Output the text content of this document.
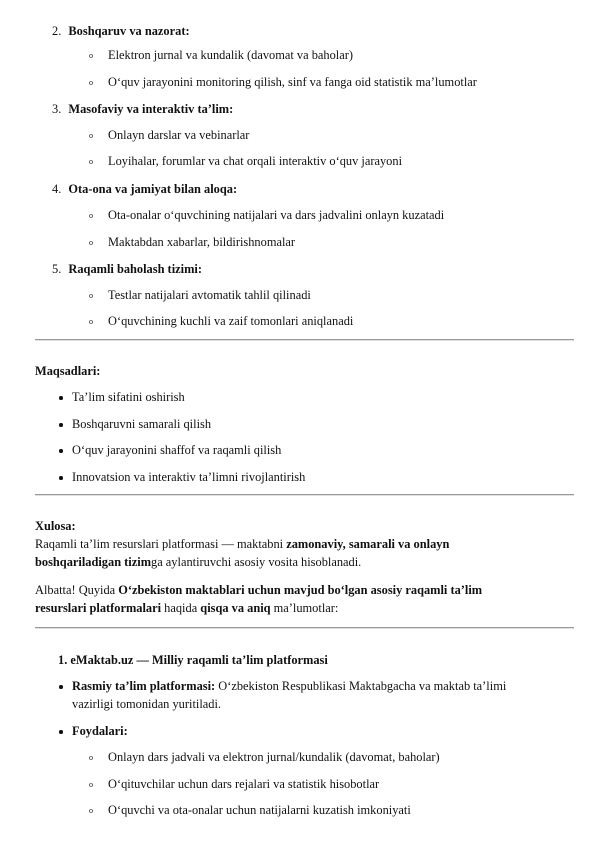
2. Boshqaruv va nazorat:
o Elektron jurnal va kundalik (davomat va baholar)
o O‘quv jarayonini monitoring qilish, sinf va fanga oid statistik ma’lumotlar
3. Masofaviy va interaktiv ta’lim:
o Onlayn darslar va vebinarlar
o Loyihalar, forumlar va chat orqali interaktiv o‘quv jarayoni
4. Ota-ona va jamiyat bilan aloqa:
o Ota-onalar o‘quvchining natijalari va dars jadvalini onlayn kuzatadi
o Maktabdan xabarlar, bildirishnomalar
5. Raqamli baholash tizimi:
o Testlar natijalari avtomatik tahlil qilinadi
o O‘quvchining kuchli va zaif tomonlari aniqlanadi
Maqsadlari:
Ta’lim sifatini oshirish
Boshqaruvni samarali qilish
O‘quv jarayonini shaffof va raqamli qilish
Innovatsion va interaktiv ta’limni rivojlantirish
Xulosa:
Raqamli ta’lim resurslari platformasi — maktabni zamonaviy, samarali va onlayn
boshqariladigan tizimga aylantiruvchi asosiy vosita hisoblanadi.
Albatta! Quyida O‘zbekiston maktablari uchun mavjud bo‘lgan asosiy raqamli ta’lim
resurslari platformalari haqida qisqa va aniq ma’lumotlar:
1. eMaktab.uz — Milliy raqamli ta’lim platformasi
Rasmiy ta’lim platformasi: O‘zbekiston Respublikasi Maktabgacha va maktab ta’limi
vazirligi tomonidan yuritiladi.
Foydalari:
o Onlayn dars jadvali va elektron jurnal/kundalik (davomat, baholar)
o O‘qituvchilar uchun dars rejalari va statistik hisobotlar
o O‘quvchi va ota-onalar uchun natijalarni kuzatish imkoniyati
